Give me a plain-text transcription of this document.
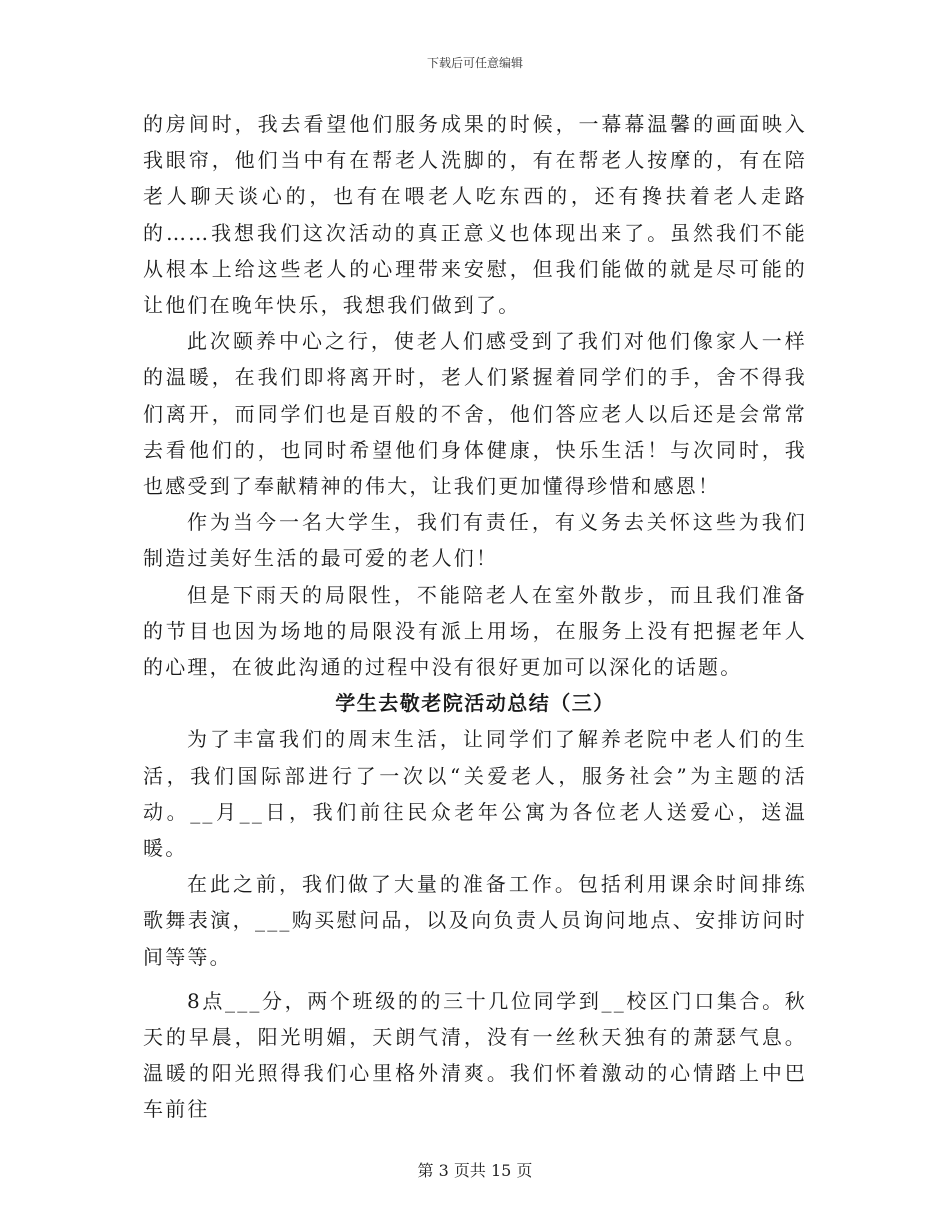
下载后可任意编辑

的房间时，我去看望他们服务成果的时候，一幕幕温馨的画面映入我眼帘，他们当中有在帮老人洗脚的，有在帮老人按摩的，有在陪老人聊天谈心的，也有在喂老人吃东西的，还有搀扶着老人走路的……我想我们这次活动的真正意义也体现出来了。虽然我们不能从根本上给这些老人的心理带来安慰，但我们能做的就是尽可能的让他们在晚年快乐，我想我们做到了。

此次颐养中心之行，使老人们感受到了我们对他们像家人一样的温暖，在我们即将离开时，老人们紧握着同学们的手，舍不得我们离开，而同学们也是百般的不舍，他们答应老人以后还是会常常去看他们的，也同时希望他们身体健康，快乐生活！与次同时，我也感受到了奉献精神的伟大，让我们更加懂得珍惜和感恩！

作为当今一名大学生，我们有责任，有义务去关怀这些为我们制造过美好生活的最可爱的老人们！

但是下雨天的局限性，不能陪老人在室外散步，而且我们准备的节目也因为场地的局限没有派上用场，在服务上没有把握老年人的心理，在彼此沟通的过程中没有很好更加可以深化的话题。

学生去敬老院活动总结（三）

为了丰富我们的周末生活，让同学们了解养老院中老人们的生活，我们国际部进行了一次以“关爱老人，服务社会”为主题的活动。__月__日，我们前往民众老年公寓为各位老人送爱心，送温暖。

在此之前，我们做了大量的准备工作。包括利用课余时间排练歌舞表演，___购买慰问品，以及向负责人员询问地点、安排访问时间等等。

8点___分，两个班级的的三十几位同学到__校区门口集合。秋天的早晨，阳光明媚，天朗气清，没有一丝秋天独有的萧瑟气息。温暖的阳光照得我们心里格外清爽。我们怀着激动的心情踏上中巴车前往

第 3 页共 15 页
